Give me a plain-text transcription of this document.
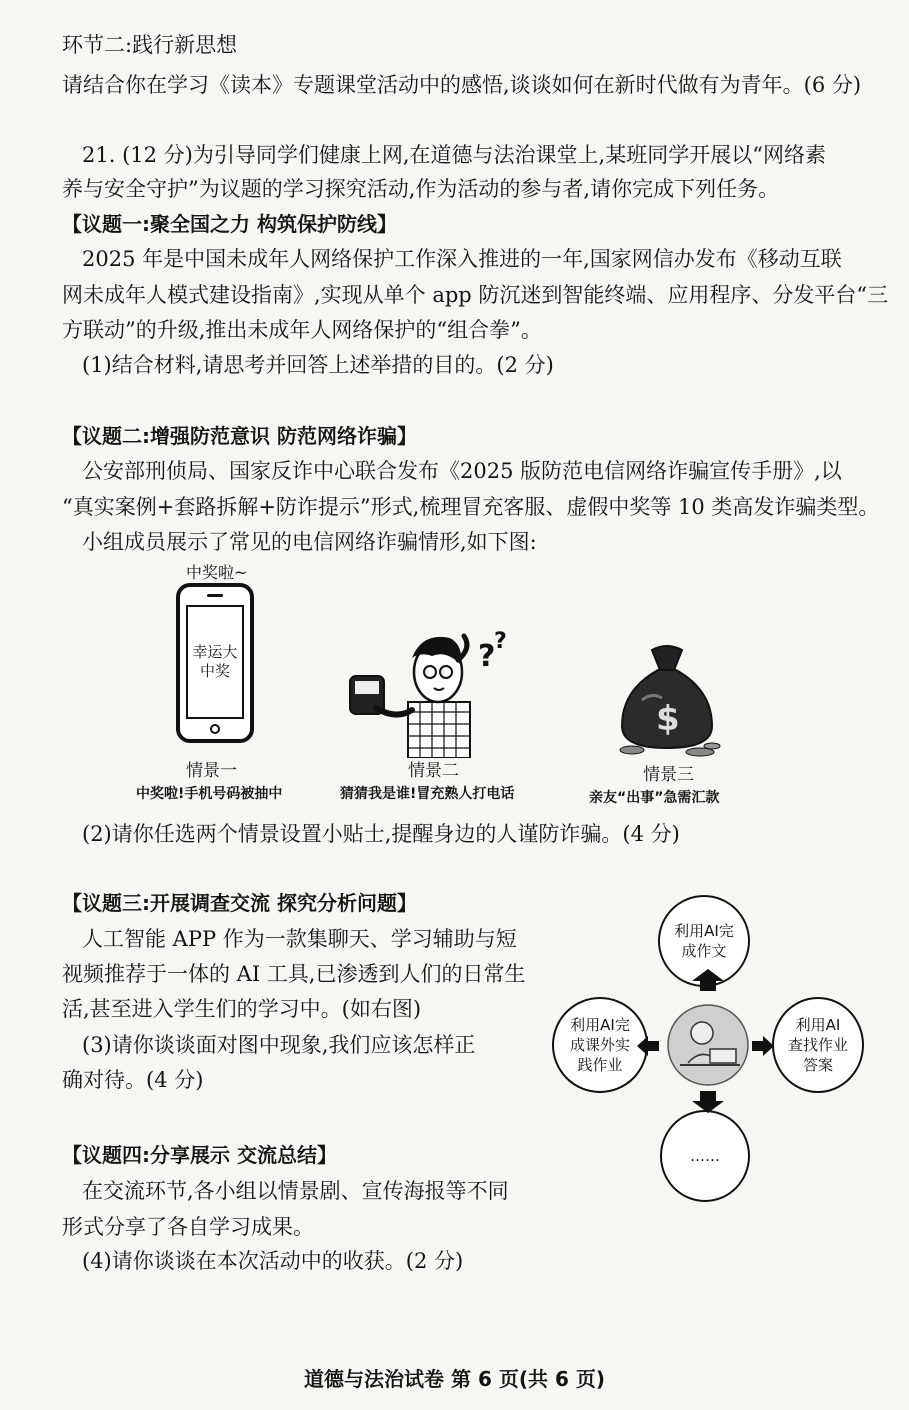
环节二:践行新思想
请结合你在学习《读本》专题课堂活动中的感悟,谈谈如何在新时代做有为青年。(6 分)
21. (12 分)为引导同学们健康上网,在道德与法治课堂上,某班同学开展以“网络素
养与安全守护”为议题的学习探究活动,作为活动的参与者,请你完成下列任务。
【议题一:聚全国之力 构筑保护防线】
2025 年是中国未成年人网络保护工作深入推进的一年,国家网信办发布《移动互联
网未成年人模式建设指南》,实现从单个 app 防沉迷到智能终端、应用程序、分发平台“三
方联动”的升级,推出未成年人网络保护的“组合拳”。
(1)结合材料,请思考并回答上述举措的目的。(2 分)
【议题二:增强防范意识 防范网络诈骗】
公安部刑侦局、国家反诈中心联合发布《2025 版防范电信网络诈骗宣传手册》,以
“真实案例+套路拆解+防诈提示”形式,梳理冒充客服、虚假中奖等 10 类高发诈骗类型。
小组成员展示了常见的电信网络诈骗情形,如下图:
中奖啦~
幸运大
中奖
情景一
中奖啦!手机号码被抽中
?
?
情景二
猜猜我是谁!冒充熟人打电话
$
情景三
亲友“出事”急需汇款
(2)请你任选两个情景设置小贴士,提醒身边的人谨防诈骗。(4 分)
【议题三:开展调查交流 探究分析问题】
人工智能 APP 作为一款集聊天、学习辅助与短
视频推荐于一体的 AI 工具,已渗透到人们的日常生
活,甚至进入学生们的学习中。(如右图)
(3)请你谈谈面对图中现象,我们应该怎样正
确对待。(4 分)
利用AI完
成作文
利用AI完
成课外实
践作业
利用AI
查找作业
答案
……
【议题四:分享展示 交流总结】
在交流环节,各小组以情景剧、宣传海报等不同
形式分享了各自学习成果。
(4)请你谈谈在本次活动中的收获。(2 分)
道德与法治试卷 第 6 页(共 6 页)
